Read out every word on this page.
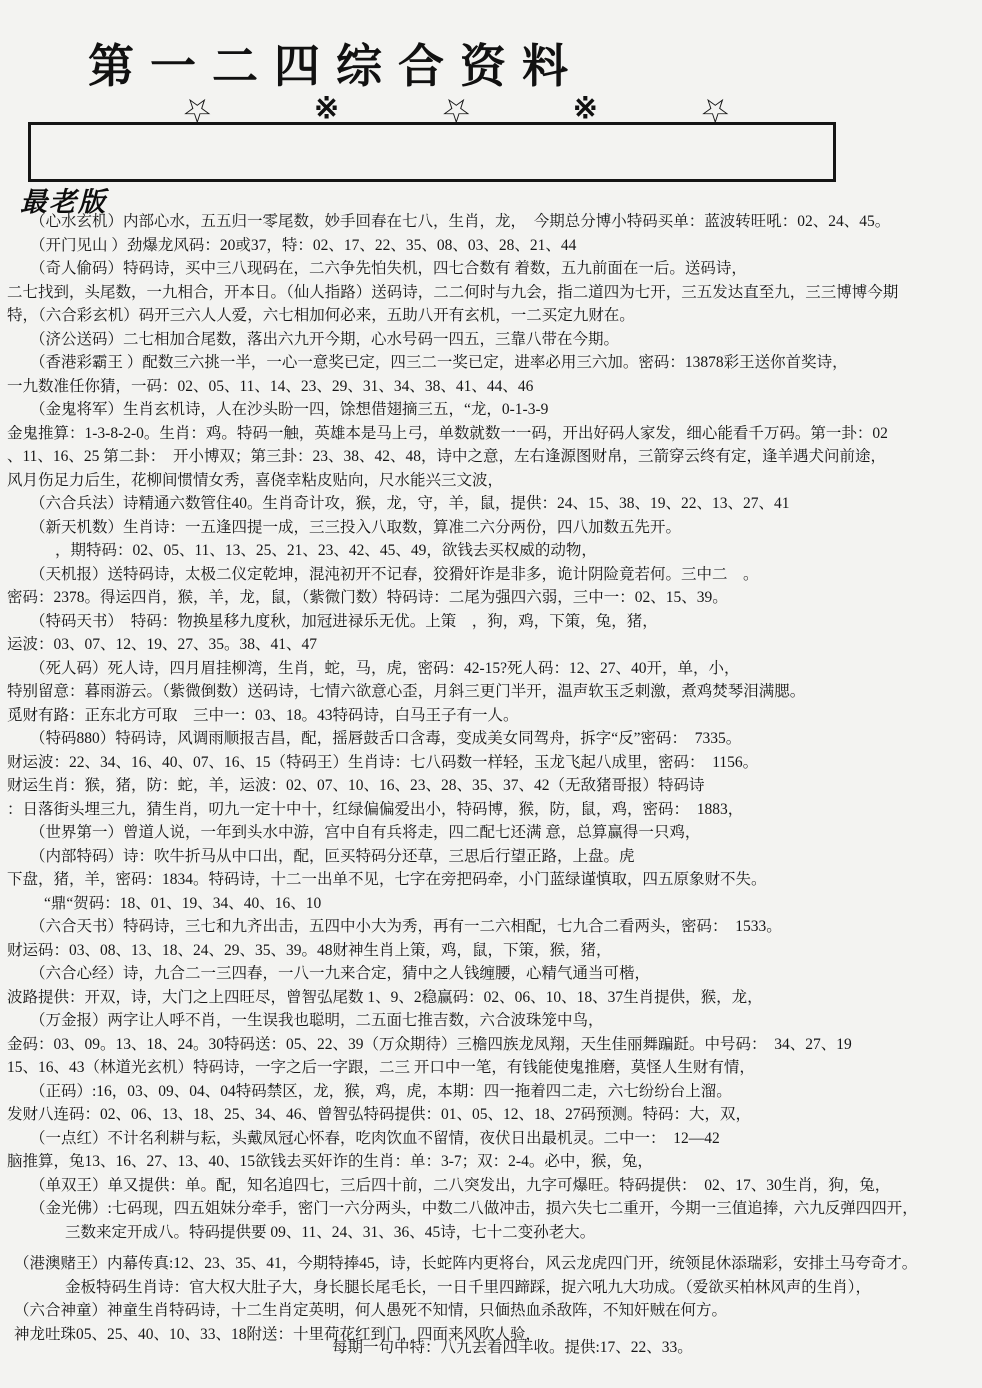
第一二四综合资料
☆	※	☆	※	☆
最老版
（心水玄机）内部心水，五五归一零尾数，妙手回春在七八，生肖，龙，　今期总分博小特码买单：蓝波转旺吼：02、24、45。
（开门见山 ）劲爆龙风码：20或37，特：02、17、22、35、08、03、28、21、44
（奇人偷码）特码诗，买中三八现码在，二六争先怕失机，四七合数有 着数，五九前面在一后。送码诗，
二七找到，头尾数，一九相合，开本日。（仙人指路）送码诗，二二何时与九会，指二道四为七开，三五发达直至九，三三博博今期
特，（六合彩玄机）码开三六人人爱，六七相加何必来，五助八开有玄机，一二买定九财在。
（济公送码）二七相加合尾数，落出六九开今期，心水号码一四五，三靠八带在今期。
（香港彩霸王 ）配数三六挑一半，一心一意奖已定，四三二一奖已定，进率必用三六加。密码：13878彩王送你首奖诗，
一九数准任你猜，一码：02、05、11、14、23、29、31、34、38、41、44、46
（金鬼将军）生肖玄机诗，人在沙头盼一四，馀想借翅摘三五，“龙，0-1-3-9
金鬼推算：1-3-8-2-0。生肖：鸡。特码一触，英雄本是马上弓，单数就数一一码，开出好码人家发，细心能看千万码。第一卦：02
、11、16、25 第二卦：　开小博双；第三卦：23、38、42、48，诗中之意，左右逢源图财帛，三箭穿云终有定，逢羊遇犬问前途，
风月伤足力后生，花柳间惯情女秀，喜侥幸粘皮贴向，尺水能兴三文波，
（六合兵法）诗精通六数管住40。生肖奇计攻，猴，龙，守，羊，鼠，提供：24、15、38、19、22、13、27、41
（新天机数）生肖诗：一五逢四提一成，三三投入八取数，算准二六分两份，四八加数五先开。
，期特码：02、05、11、13、25、21、23、42、45、49，欲钱去买权威的动物，
（天机报）送特码诗，太极二仪定乾坤，混沌初开不记春，狡猾奸诈是非多，诡计阴险竟若何。三中二　。
密码：2378。得运四肖，猴，羊，龙，鼠，（紫微门数）特码诗：二尾为强四六弱，三中一：02、15、39。
（特码天书）　特码：物换星移九度秋，加冠进禄乐无优。上策　，狗，鸡，下策，兔，猪，
运波：03、07、12、19、27、35。38、41、47
（死人码）死人诗，四月眉挂柳湾，生肖，蛇，马，虎，密码：42-15?死人码：12、27、40开，单，小，
特别留意：暮雨游云。（紫微倒数）送码诗，七情六欲意心歪，月斜三更门半开，温声软玉乏刺激，煮鸡焚琴泪满腮。
觅财有路：正东北方可取　三中一：03、18。43特码诗，白马王子有一人。
（特码880）特码诗，风调雨顺报吉昌，配，摇唇鼓舌口含毒，变成美女同驾舟，拆字“反”密码：　7335。
财运波：22、34、16、40、07、16、15（特码王）生肖诗：七八码数一样轻，玉龙飞起八成里，密码：　1156。
财运生肖：猴，猪，防：蛇，羊，运波：02、07、10、16、23、28、35、37、42（无敌猪哥报）特码诗
：日落街头埋三九，猜生肖，叨九一定十中十，红绿偏偏爱出小，特码博，猴，防，鼠，鸡，密码：　1883，
（世界第一）曾道人说，一年到头水中游，宫中自有兵将走，四二配七还满 意，总算赢得一只鸡，
（内部特码）诗：吹牛折马从中口出，配，叵买特码分还草，三思后行望正路，上盘。虎
下盘，猪，羊，密码：1834。特码诗，十二一出单不见，七字在旁把码牵，小门蓝绿谨慎取，四五原象财不失。
“鼎“贺码：18、01、19、34、40、16、10
（六合天书）特码诗，三七和九齐出击，五四中小大为秀，再有一二六相配，七九合二看两头，密码：　1533。
财运码：03、08、13、18、24、29、35、39。48财神生肖上策，鸡，鼠，下策，猴，猪，
（六合心经）诗，九合二一三四春，一八一九来合定，猜中之人钱缠腰，心精气通当可楷，
波路提供：开双，诗，大门之上四旺尽，曾智弘尾数 1、9、2稳赢码：02、06、10、18、37生肖提供，猴，龙，
（万金报）两字让人呼不肖，一生误我也聪明，二五面七推吉数，六合波珠笼中鸟，
金码：03、09。13、18、24。30特码送：05、22、39（万众期待）三檐四族龙凤翔，天生佳丽舞蹁跹。中号码：　34、27、19
15、16、43（林道光玄机）特码诗，一字之后一字跟，二三 开口中一笔，有钱能使鬼推磨，莫怪人生财有情，
（正码）:16，03、09、04、04特码禁区，龙，猴，鸡，虎，本期：四一拖着四二走，六七纷纷台上溜。
发财八连码：02、06、13、18、25、34、46、曾智弘特码提供：01、05、12、18、27码预测。特码：大，双，
（一点红）不计名利耕与耘，头戴凤冠心怀春，吃肉饮血不留情，夜伏日出最机灵。二中一：　12—42
脑推算，兔13、16、27、13、40、15欲钱去买奸诈的生肖：单：3-7；双：2-4。必中，猴，兔，
（单双王）单又提供：单。配，知名追四七，三后四十前，二八突发出，九字可爆旺。特码提供：　02、17、30生肖，狗，兔，
（金光佛）:七码现，四五姐妹分牵手，密门一六分两头，中数二八做冲击，损六失七二重开，今期一三值追捧，六九反弹四四开，
三数来定开成八。特码提供要 09、11、24、31、36、45诗，七十二变孙老大。
（港澳赌王）内幕传真:12、23、35、41，今期特捧45，诗，长蛇阵内更将台，风云龙虎四门开，统领昆休添瑞彩，安排土马夸奇才。
金板特码生肖诗：官大权大肚子大，身长腿长尾毛长，一日千里四蹄踩，捉六吼九大功成。（爱欲买柏林风声的生肖），
（六合神童）神童生肖特码诗，十二生肖定英明，何人愚死不知情，只偭热血杀敌阵，不知奸贼在何方。
神龙吐珠05、25、40、10、33、18附送：十里荷花红到门，四面来风吹人验，
每期一句中特：八九去看四丰收。提供:17、22、33。
